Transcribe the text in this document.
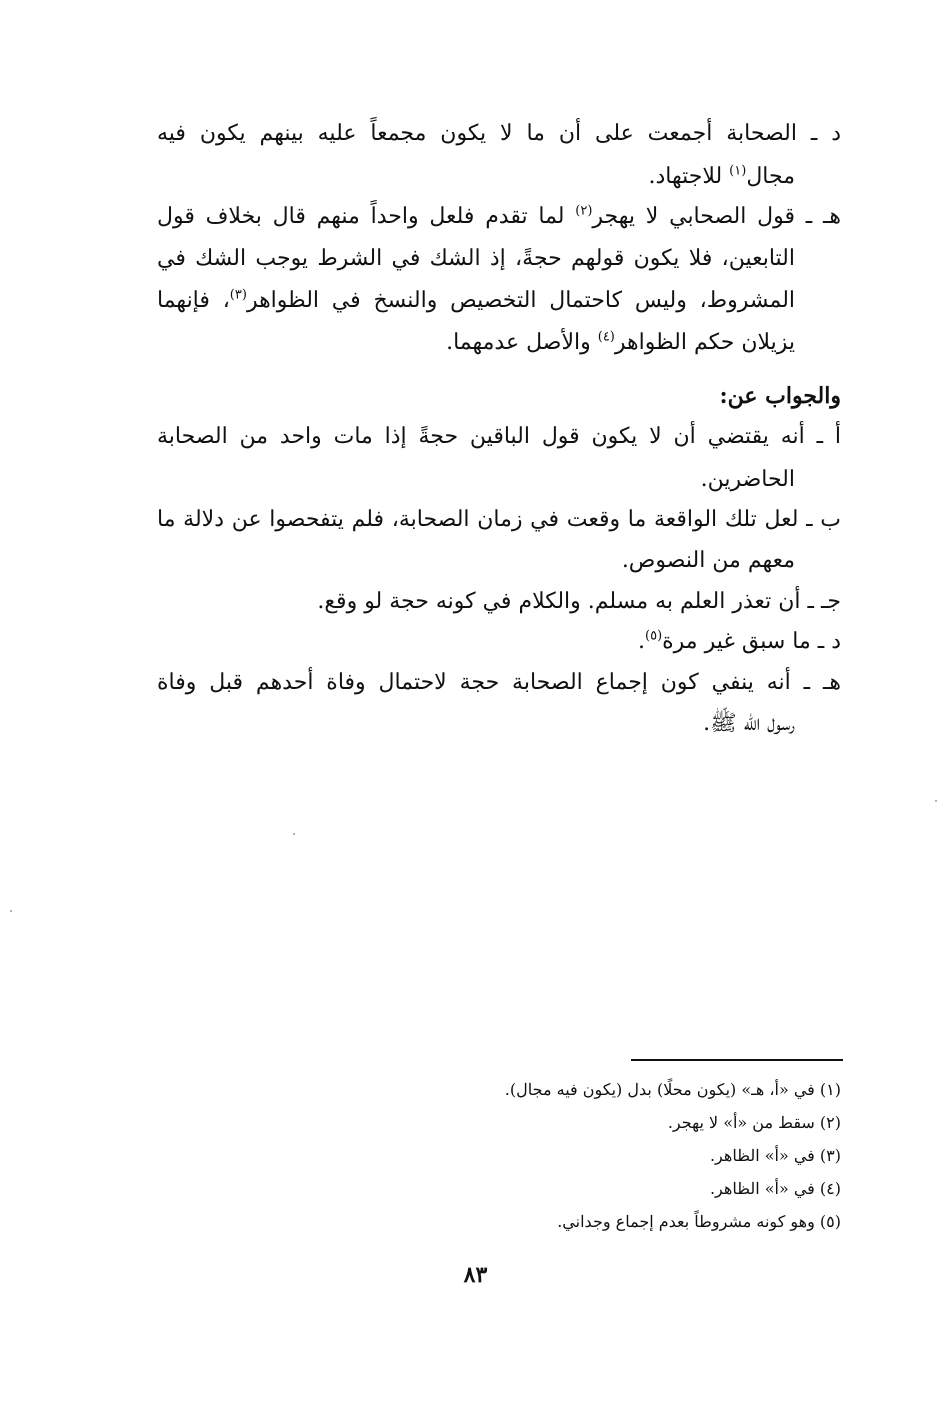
د ـ الصحابة أجمعت على أن ما لا يكون مجمعاً عليه بينهم يكون فيه
مجال$^{(١)}$ للاجتهاد.
هـ ـ قول الصحابي لا يهجر$^{(٢)}$ لما تقدم فلعل واحداً منهم قال بخلاف قول
التابعين، فلا يكون قولهم حجةً، إذ الشك في الشرط يوجب الشك في
المشروط، وليس كاحتمال التخصيص والنسخ في الظواهر$^{(٣)}$، فإنهما
يزيلان حكم الظواهر$^{(٤)}$ والأصل عدمهما.
والجواب عن:
أ ـ أنه يقتضي أن لا يكون قول الباقين حجةً إذا مات واحد من الصحابة
الحاضرين.
ب ـ لعل تلك الواقعة ما وقعت في زمان الصحابة، فلم يتفحصوا عن دلالة ما
معهم من النصوص.
جـ ـ أن تعذر العلم به مسلم. والكلام في كونه حجة لو وقع.
د ـ ما سبق غير مرة$^{(٥)}$.
هـ ـ أنه ينفي كون إجماع الصحابة حجة لاحتمال وفاة أحدهم قبل وفاة
رسول الله ﷺ.
(١) في «أ، هـ» (يكون محلًا) بدل (يكون فيه مجال).
(٢) سقط من «أ» لا يهجر.
(٣) في «أ» الظاهر.
(٤) في «أ» الظاهر.
(٥) وهو كونه مشروطاً بعدم إجماع وجداني.
٨٣
